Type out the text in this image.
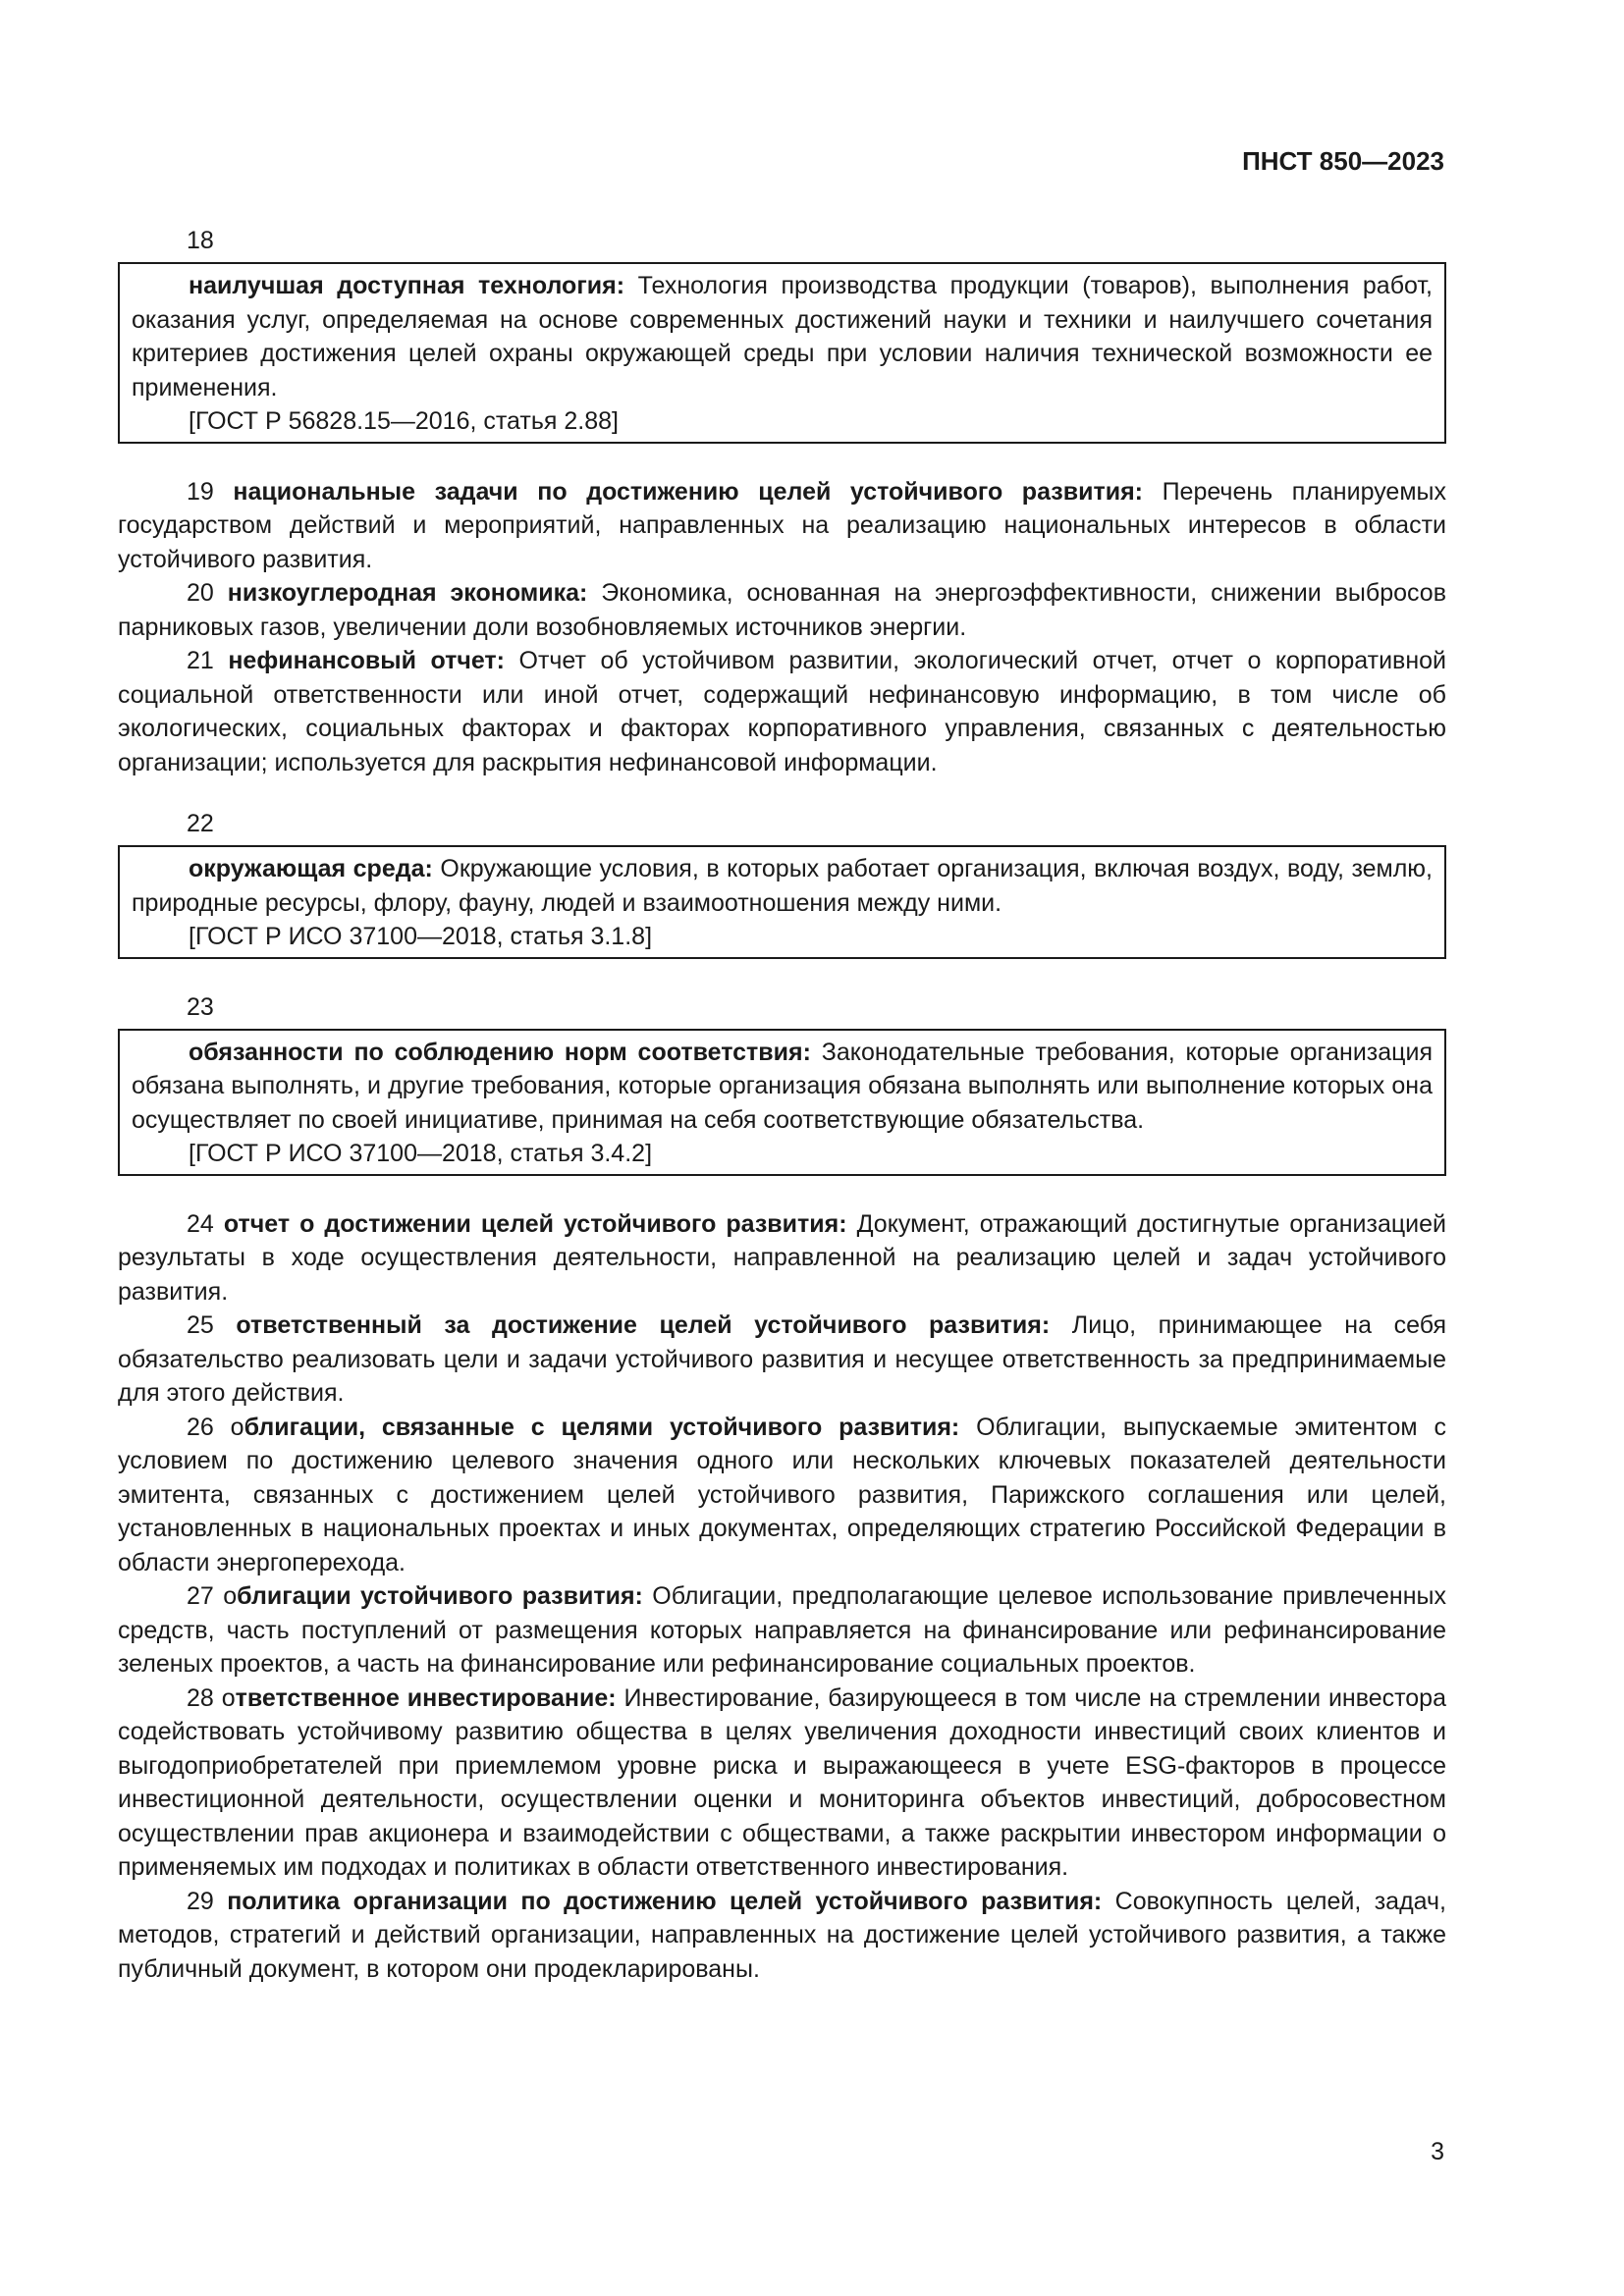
ПНСТ 850—2023
18

наилучшая доступная технология: Технология производства продукции (товаров), выполнения работ, оказания услуг, определяемая на основе современных достижений науки и техники и наилучшего сочетания критериев достижения целей охраны окружающей среды при условии наличия технической возможности ее применения.

[ГОСТ Р 56828.15—2016, статья 2.88]

19 национальные задачи по достижению целей устойчивого развития: Перечень планируемых государством действий и мероприятий, направленных на реализацию национальных интересов в области устойчивого развития.

20 низкоуглеродная экономика: Экономика, основанная на энергоэффективности, снижении выбросов парниковых газов, увеличении доли возобновляемых источников энергии.

21 нефинансовый отчет: Отчет об устойчивом развитии, экологический отчет, отчет о корпоративной социальной ответственности или иной отчет, содержащий нефинансовую информацию, в том числе об экологических, социальных факторах и факторах корпоративного управления, связанных с деятельностью организации; используется для раскрытия нефинансовой информации.

22

окружающая среда: Окружающие условия, в которых работает организация, включая воздух, воду, землю, природные ресурсы, флору, фауну, людей и взаимоотношения между ними.

[ГОСТ Р ИСО 37100—2018, статья 3.1.8]

23

обязанности по соблюдению норм соответствия: Законодательные требования, которые организация обязана выполнять, и другие требования, которые организация обязана выполнять или выполнение которых она осуществляет по своей инициативе, принимая на себя соответствующие обязательства.

[ГОСТ Р ИСО 37100—2018, статья 3.4.2]

24 отчет о достижении целей устойчивого развития: Документ, отражающий достигнутые организацией результаты в ходе осуществления деятельности, направленной на реализацию целей и задач устойчивого развития.

25 ответственный за достижение целей устойчивого развития: Лицо, принимающее на себя обязательство реализовать цели и задачи устойчивого развития и несущее ответственность за предпринимаемые для этого действия.

26 облигации, связанные с целями устойчивого развития: Облигации, выпускаемые эмитентом с условием по достижению целевого значения одного или нескольких ключевых показателей деятельности эмитента, связанных с достижением целей устойчивого развития, Парижского соглашения или целей, установленных в национальных проектах и иных документах, определяющих стратегию Российской Федерации в области энергоперехода.

27 облигации устойчивого развития: Облигации, предполагающие целевое использование привлеченных средств, часть поступлений от размещения которых направляется на финансирование или рефинансирование зеленых проектов, а часть на финансирование или рефинансирование социальных проектов.

28 ответственное инвестирование: Инвестирование, базирующееся в том числе на стремлении инвестора содействовать устойчивому развитию общества в целях увеличения доходности инвестиций своих клиентов и выгодоприобретателей при приемлемом уровне риска и выражающееся в учете ESG-факторов в процессе инвестиционной деятельности, осуществлении оценки и мониторинга объектов инвестиций, добросовестном осуществлении прав акционера и взаимодействии с обществами, а также раскрытии инвестором информации о применяемых им подходах и политиках в области ответственного инвестирования.

29 политика организации по достижению целей устойчивого развития: Совокупность целей, задач, методов, стратегий и действий организации, направленных на достижение целей устойчивого развития, а также публичный документ, в котором они продекларированы.

3
